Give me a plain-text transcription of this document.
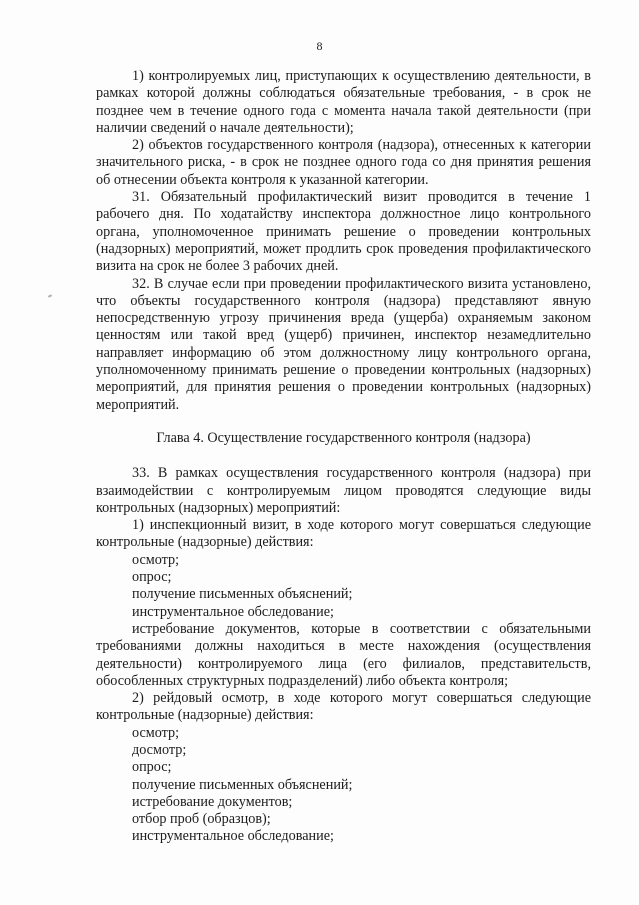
8

1) контролируемых лиц, приступающих к осуществлению деятельности, в рамках которой должны соблюдаться обязательные требования, - в срок не позднее чем в течение одного года с момента начала такой деятельности (при наличии сведений о начале деятельности);

2) объектов государственного контроля (надзора), отнесенных к категории значительного риска, - в срок не позднее одного года со дня принятия решения об отнесении объекта контроля к указанной категории.

31. Обязательный профилактический визит проводится в течение 1 рабочего дня. По ходатайству инспектора должностное лицо контрольного органа, уполномоченное принимать решение о проведении контрольных (надзорных) мероприятий, может продлить срок проведения профилактического визита на срок не более 3 рабочих дней.

32. В случае если при проведении профилактического визита установлено, что объекты государственного контроля (надзора) представляют явную непосредственную угрозу причинения вреда (ущерба) охраняемым законом ценностям или такой вред (ущерб) причинен, инспектор незамедлительно направляет информацию об этом должностному лицу контрольного органа, уполномоченному принимать решение о проведении контрольных (надзорных) мероприятий, для принятия решения о проведении контрольных (надзорных) мероприятий.

Глава 4. Осуществление государственного контроля (надзора)

33. В рамках осуществления государственного контроля (надзора) при взаимодействии с контролируемым лицом проводятся следующие виды контрольных (надзорных) мероприятий:

1) инспекционный визит, в ходе которого могут совершаться следующие контрольные (надзорные) действия:

осмотр;

опрос;

получение письменных объяснений;

инструментальное обследование;

истребование документов, которые в соответствии с обязательными требованиями должны находиться в месте нахождения (осуществления деятельности) контролируемого лица (его филиалов, представительств, обособленных структурных подразделений) либо объекта контроля;

2) рейдовый осмотр, в ходе которого могут совершаться следующие контрольные (надзорные) действия:

осмотр;

досмотр;

опрос;

получение письменных объяснений;

истребование документов;

отбор проб (образцов);

инструментальное обследование;
